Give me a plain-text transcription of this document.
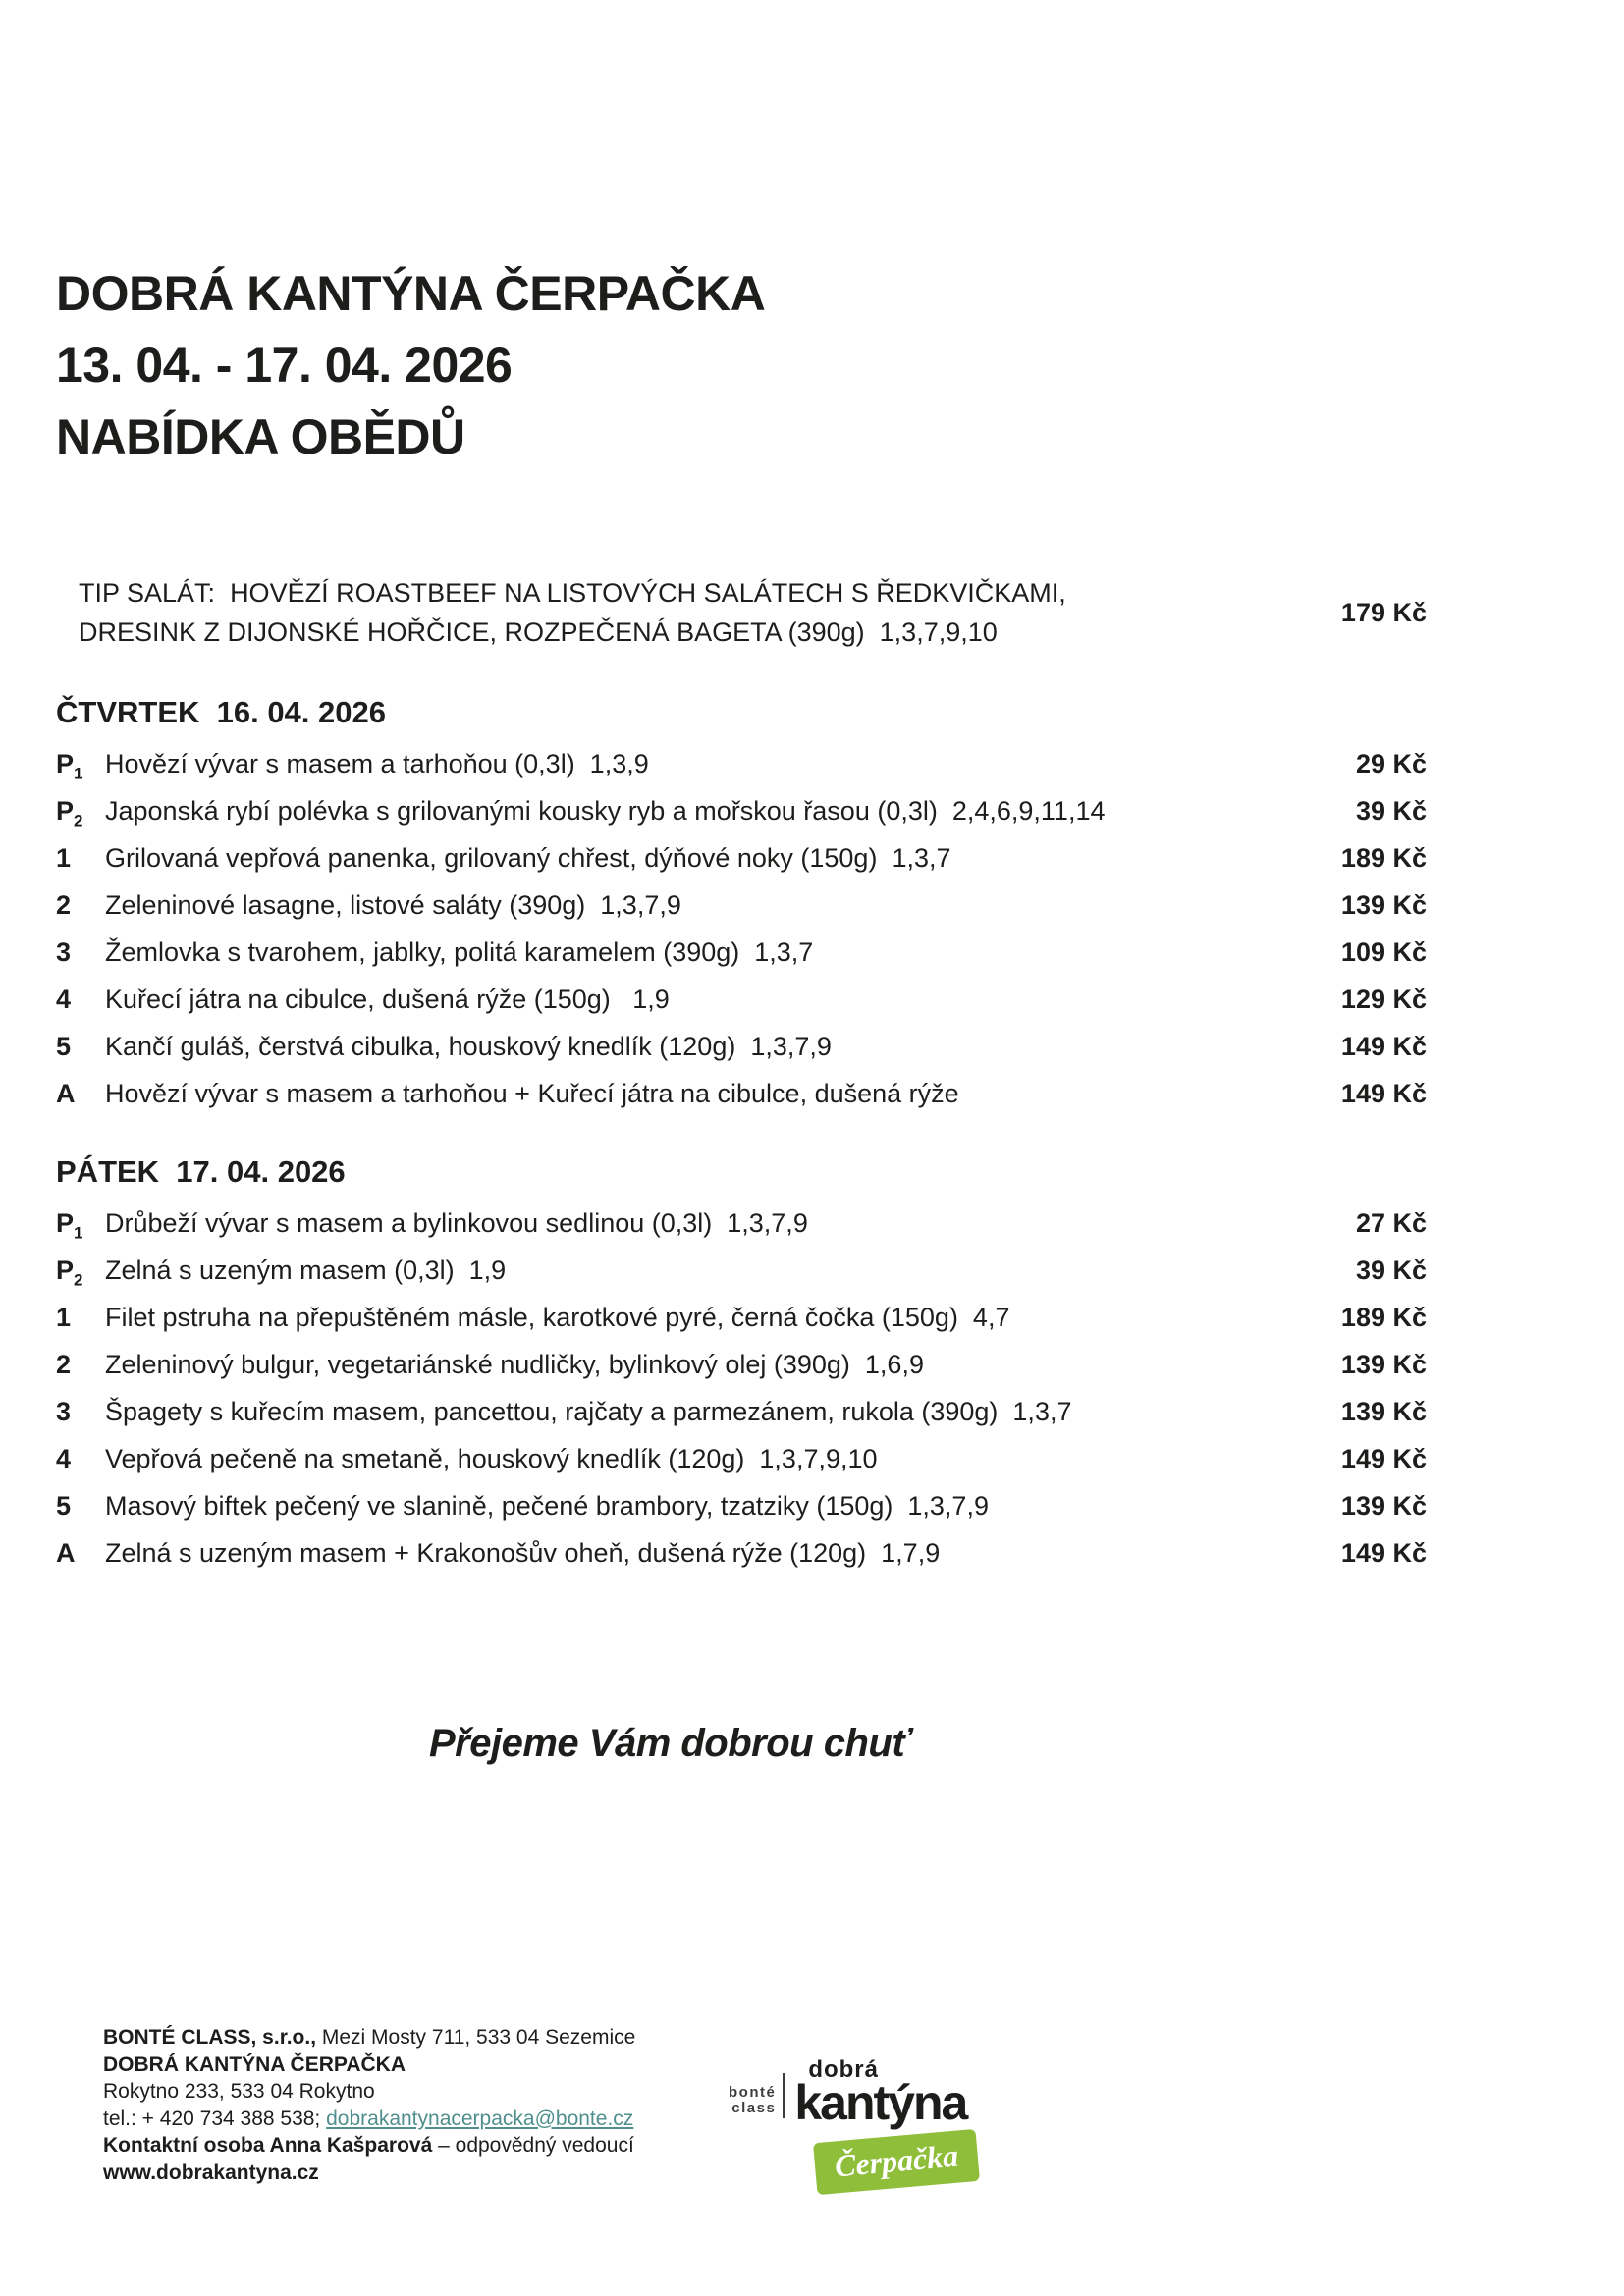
DOBRÁ KANTÝNA ČERPAČKA
13. 04. - 17. 04. 2026
NABÍDKA OBĚDŮ
TIP SALÁT:  HOVĚZÍ ROASTBEEF NA LISTOVÝCH SALÁTECH S ŘEDKVIČKAMI,
DRESINK Z DIJONSKÉ HOŘČICE, ROZPEČENÁ BAGETA (390g)  1,3,7,9,10
179 Kč
ČTVRTEK  16. 04. 2026
$P_1$ Hovězí vývar s masem a tarhoňou (0,3l)  1,3,9	29 Kč
$P_2$ Japonská rybí polévka s grilovanými kousky ryb a mořskou řasou (0,3l)  2,4,6,9,11,14	39 Kč
1	Grilovaná vepřová panenka, grilovaný chřest, dýňové noky (150g)  1,3,7	189 Kč
2	Zeleninové lasagne, listové saláty (390g)  1,3,7,9	139 Kč
3	Žemlovka s tvarohem, jablky, politá karamelem (390g)  1,3,7	109 Kč
4	Kuřecí játra na cibulce, dušená rýže (150g)   1,9	129 Kč
5	Kančí guláš, čerstvá cibulka, houskový knedlík (120g)  1,3,7,9	149 Kč
A	Hovězí vývar s masem a tarhoňou + Kuřecí játra na cibulce, dušená rýže	149 Kč
PÁTEK  17. 04. 2026
$P_1$ Drůbeží vývar s masem a bylinkovou sedlinou (0,3l)  1,3,7,9	27 Kč
$P_2$ Zelná s uzeným masem (0,3l)  1,9	39 Kč
1	Filet pstruha na přepuštěném másle, karotkové pyré, černá čočka (150g)  4,7	189 Kč
2	Zeleninový bulgur, vegetariánské nudličky, bylinkový olej (390g)  1,6,9	139 Kč
3	Špagety s kuřecím masem, pancettou, rajčaty a parmezánem, rukola (390g)  1,3,7	139 Kč
4	Vepřová pečeně na smetaně, houskový knedlík (120g)  1,3,7,9,10	149 Kč
5	Masový biftek pečený ve slanině, pečené brambory, tzatziky (150g)  1,3,7,9	139 Kč
A	Zelná s uzeným masem + Krakonošův oheň, dušená rýže (120g)  1,7,9	149 Kč
Přejeme Vám dobrou chuť
BONTÉ CLASS, s.r.o., Mezi Mosty 711, 533 04 Sezemice
DOBRÁ KANTÝNA ČERPAČKA
Rokytno 233, 533 04 Rokytno
tel.: + 420 734 388 538; dobrakantynacerpacka@bonte.cz
Kontaktní osoba Anna Kašparová – odpovědný vedoucí
www.dobrakantyna.cz
bonté
class
dobrá
kantýna
Čerpačka
